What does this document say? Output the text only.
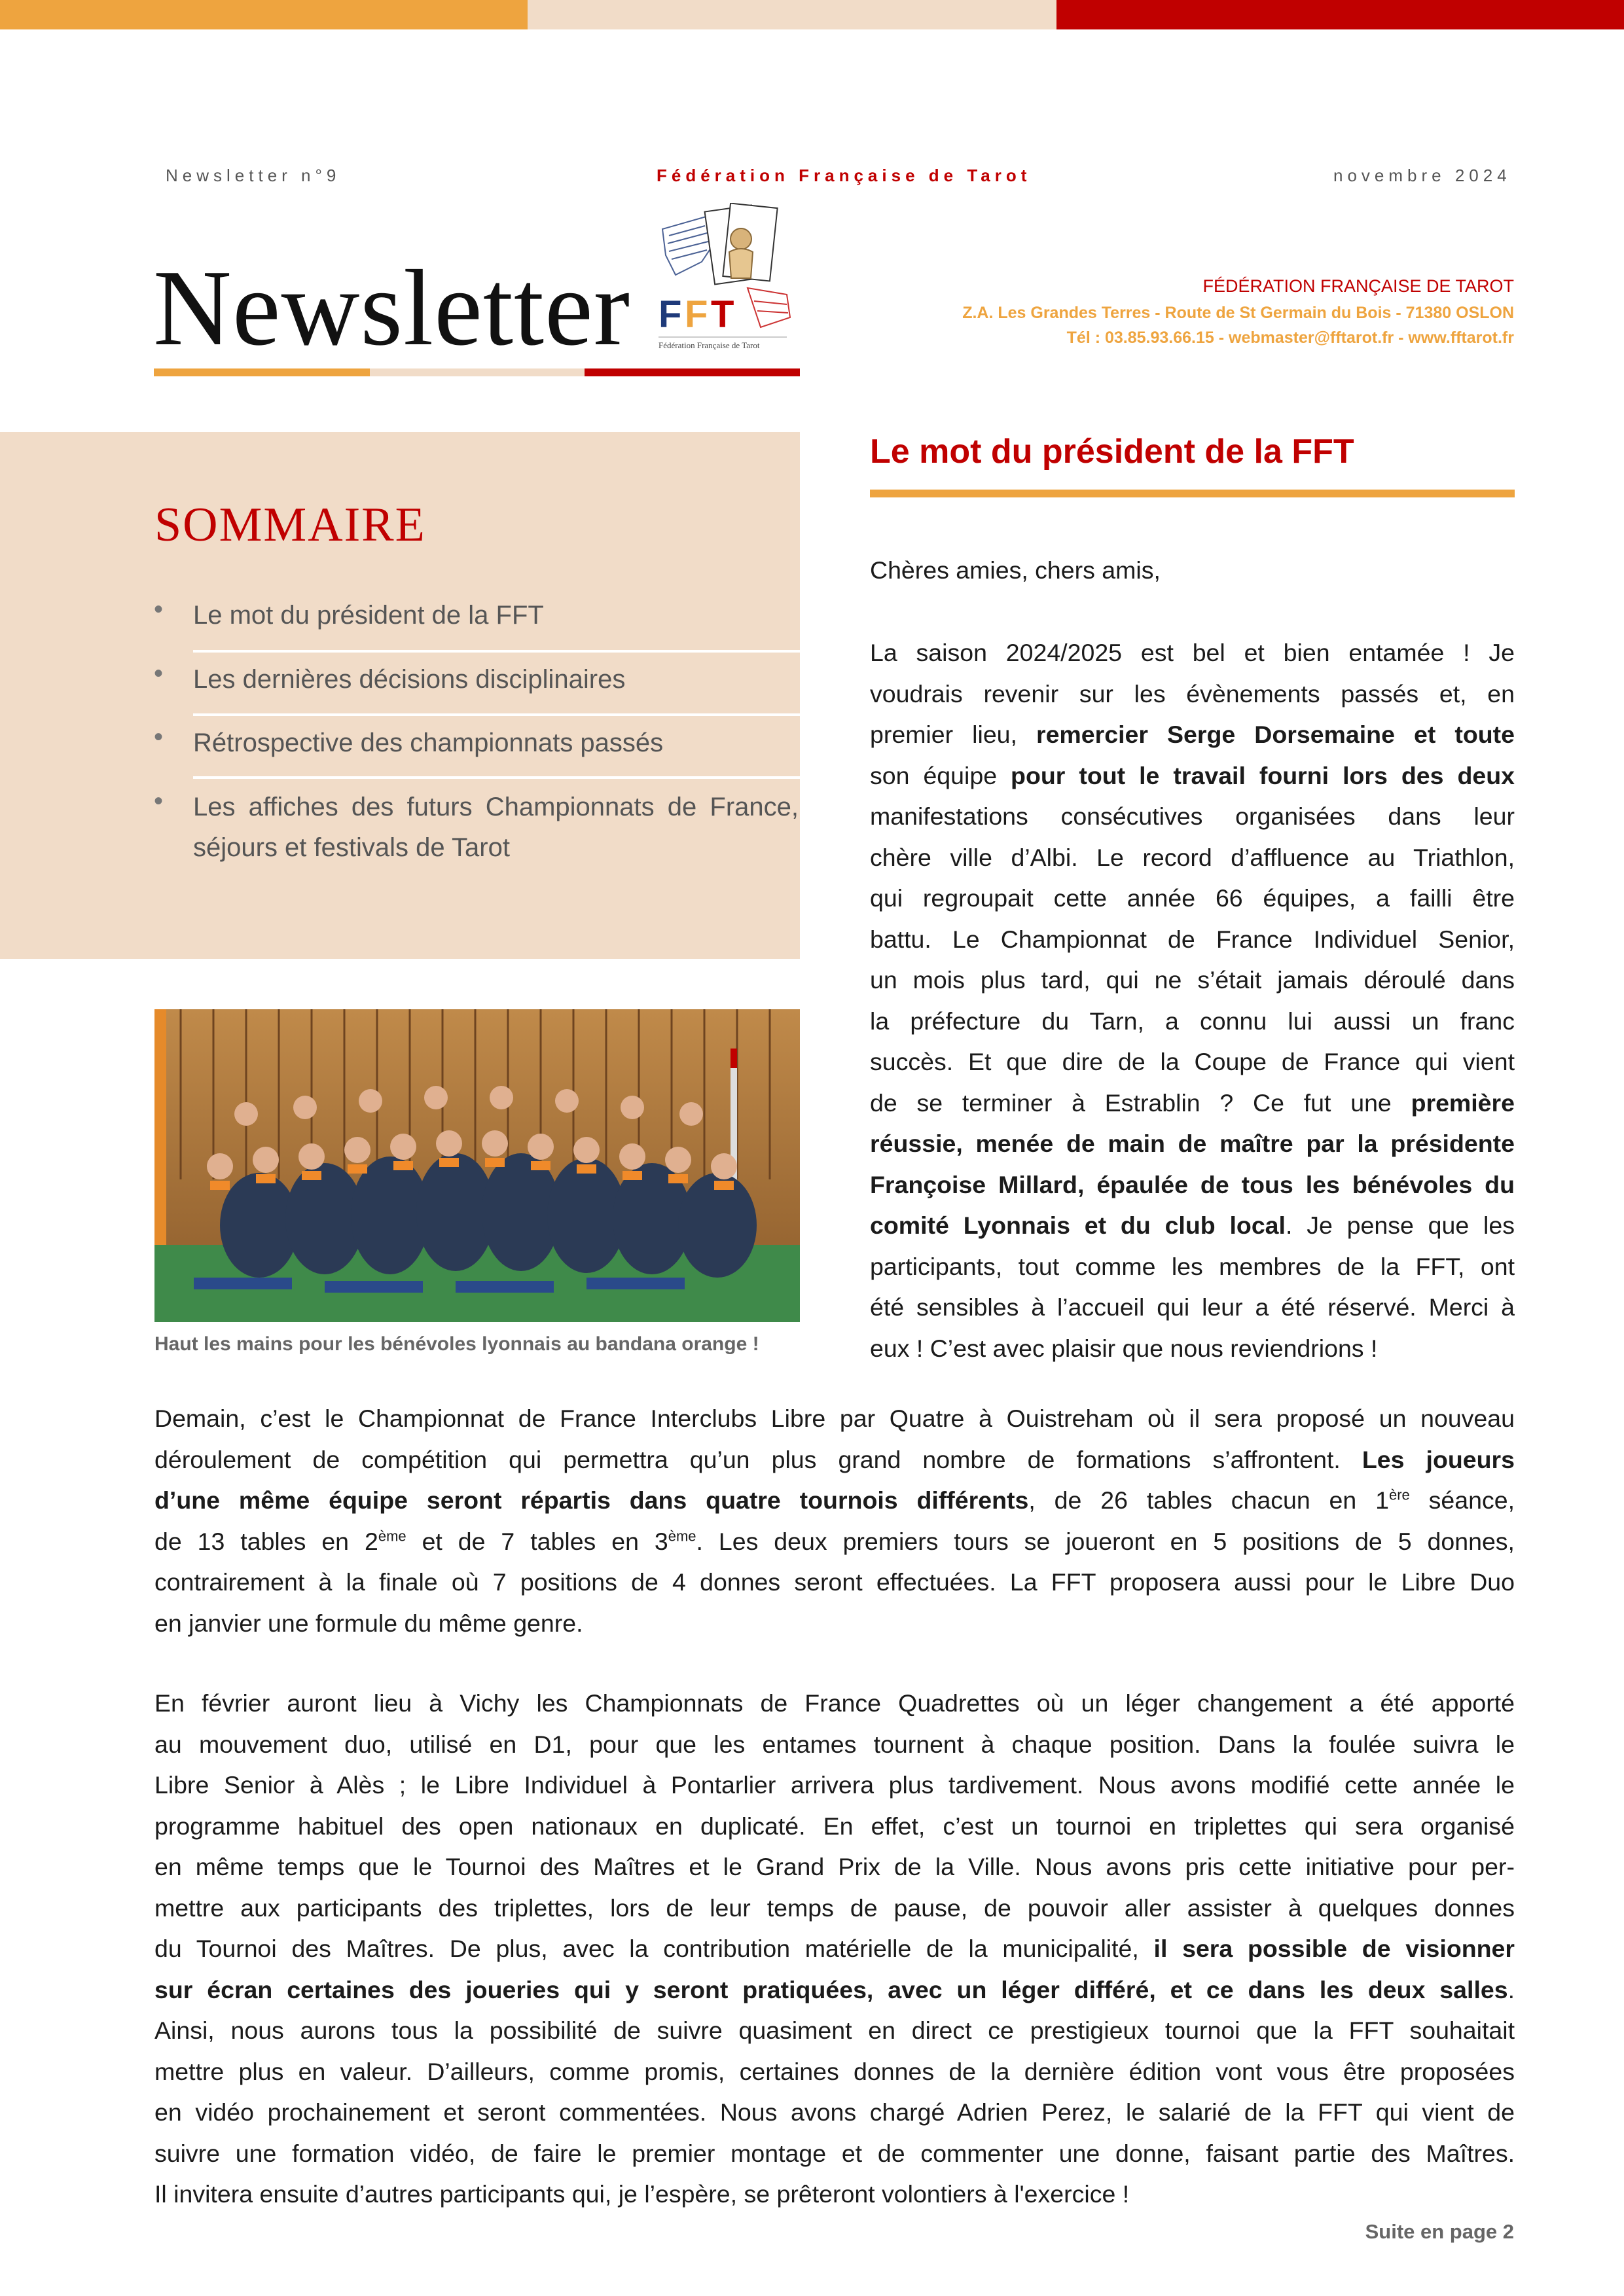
Newsletter n°9	Fédération Française de Tarot	novembre 2024
Newsletter F F T
Fédération Française de Tarot
FÉDÉRATION FRANÇAISE DE TAROT
Z.A. Les Grandes Terres - Route de St Germain du Bois - 71380 OSLON
Tél : 03.85.93.66.15 - webmaster@fftarot.fr - www.fftarot.fr
SOMMAIRE
• Le mot du président de la FFT
• Les dernières décisions disciplinaires
• Rétrospective des championnats passés
• Les affiches des futurs Championnats de France, séjours et festivals de Tarot
Haut les mains pour les bénévoles lyonnais au bandana orange !
Le mot du président de la FFT
Chères amies, chers amis,
La saison 2024/2025 est bel et bien entamée ! Je
voudrais revenir sur les évènements passés et, en
premier lieu, remercier Serge Dorsemaine et toute
son équipe pour tout le travail fourni lors des deux
manifestations consécutives organisées dans leur
chère ville d’Albi. Le record d’affluence au Triathlon,
qui regroupait cette année 66 équipes, a failli être
battu. Le Championnat de France Individuel Senior,
un mois plus tard, qui ne s’était jamais déroulé dans
la préfecture du Tarn, a connu lui aussi un franc
succès. Et que dire de la Coupe de France qui vient
de se terminer à Estrablin ? Ce fut une première
réussie, menée de main de maître par la présidente
Françoise Millard, épaulée de tous les bénévoles du
comité Lyonnais et du club local. Je pense que les
participants, tout comme les membres de la FFT, ont
été sensibles à l’accueil qui leur a été réservé. Merci à
eux ! C’est avec plaisir que nous reviendrions !
Demain, c’est le Championnat de France Interclubs Libre par Quatre à Ouistreham où il sera proposé un nouveau
déroulement de compétition qui permettra qu’un plus grand nombre de formations s’affrontent. Les joueurs
d’une même équipe seront répartis dans quatre tournois différents, de 26 tables chacun en 1ère séance,
de 13 tables en 2ème et de 7 tables en 3ème. Les deux premiers tours se joueront en 5 positions de 5 donnes,
contrairement à la finale où 7 positions de 4 donnes seront effectuées. La FFT proposera aussi pour le Libre Duo
en janvier une formule du même genre.
En février auront lieu à Vichy les Championnats de France Quadrettes où un léger changement a été apporté
au mouvement duo, utilisé en D1, pour que les entames tournent à chaque position. Dans la foulée suivra le
Libre Senior à Alès ; le Libre Individuel à Pontarlier arrivera plus tardivement. Nous avons modifié cette année le
programme habituel des open nationaux en duplicaté. En effet, c’est un tournoi en triplettes qui sera organisé
en même temps que le Tournoi des Maîtres et le Grand Prix de la Ville. Nous avons pris cette initiative pour per-
mettre aux participants des triplettes, lors de leur temps de pause, de pouvoir aller assister à quelques donnes
du Tournoi des Maîtres. De plus, avec la contribution matérielle de la municipalité, il sera possible de visionner
sur écran certaines des joueries qui y seront pratiquées, avec un léger différé, et ce dans les deux salles.
Ainsi, nous aurons tous la possibilité de suivre quasiment en direct ce prestigieux tournoi que la FFT souhaitait
mettre plus en valeur. D’ailleurs, comme promis, certaines donnes de la dernière édition vont vous être proposées
en vidéo prochainement et seront commentées. Nous avons chargé Adrien Perez, le salarié de la FFT qui vient de
suivre une formation vidéo, de faire le premier montage et de commenter une donne, faisant partie des Maîtres.
Il invitera ensuite d’autres participants qui, je l’espère, se prêteront volontiers à l'exercice !
Suite en page 2
